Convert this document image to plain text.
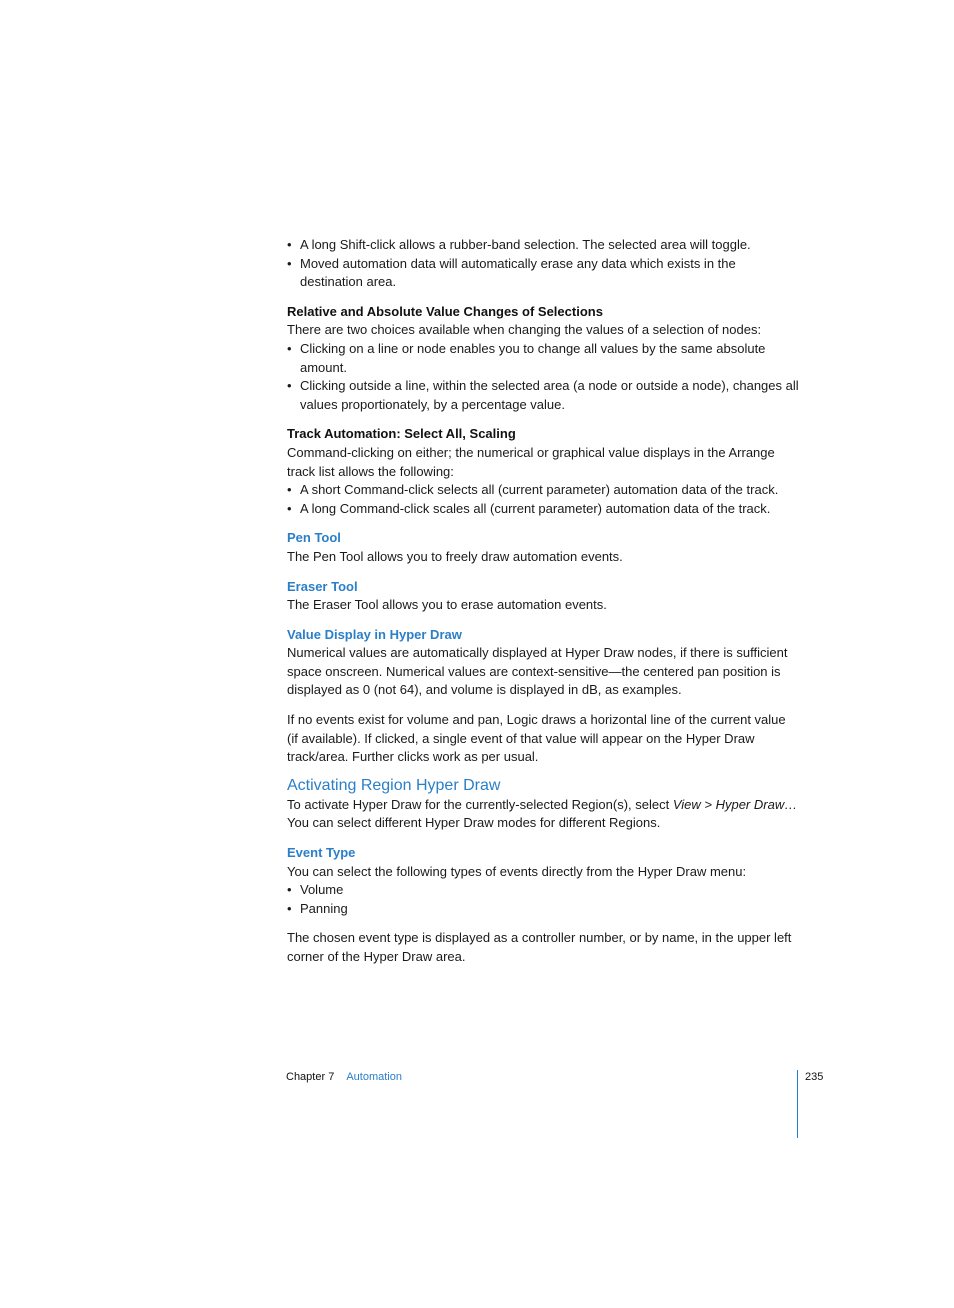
• A long Shift-click allows a rubber-band selection. The selected area will toggle.
• Moved automation data will automatically erase any data which exists in the destination area.

Relative and Absolute Value Changes of Selections

There are two choices available when changing the values of a selection of nodes:

• Clicking on a line or node enables you to change all values by the same absolute amount.
• Clicking outside a line, within the selected area (a node or outside a node), changes all values proportionately, by a percentage value.

Track Automation: Select All, Scaling

Command-clicking on either; the numerical or graphical value displays in the Arrange track list allows the following:

• A short Command-click selects all (current parameter) automation data of the track.
• A long Command-click scales all (current parameter) automation data of the track.

Pen Tool

The Pen Tool allows you to freely draw automation events.

Eraser Tool

The Eraser Tool allows you to erase automation events.

Value Display in Hyper Draw

Numerical values are automatically displayed at Hyper Draw nodes, if there is sufficient space onscreen. Numerical values are context-sensitive—the centered pan position is displayed as 0 (not 64), and volume is displayed in dB, as examples.

If no events exist for volume and pan, Logic draws a horizontal line of the current value (if available). If clicked, a single event of that value will appear on the Hyper Draw track/area. Further clicks work as per usual.

Activating Region Hyper Draw

To activate Hyper Draw for the currently-selected Region(s), select View > Hyper Draw… You can select different Hyper Draw modes for different Regions.

Event Type

You can select the following types of events directly from the Hyper Draw menu:

• Volume
• Panning

The chosen event type is displayed as a controller number, or by name, in the upper left corner of the Hyper Draw area.

Chapter 7 Automation	235
